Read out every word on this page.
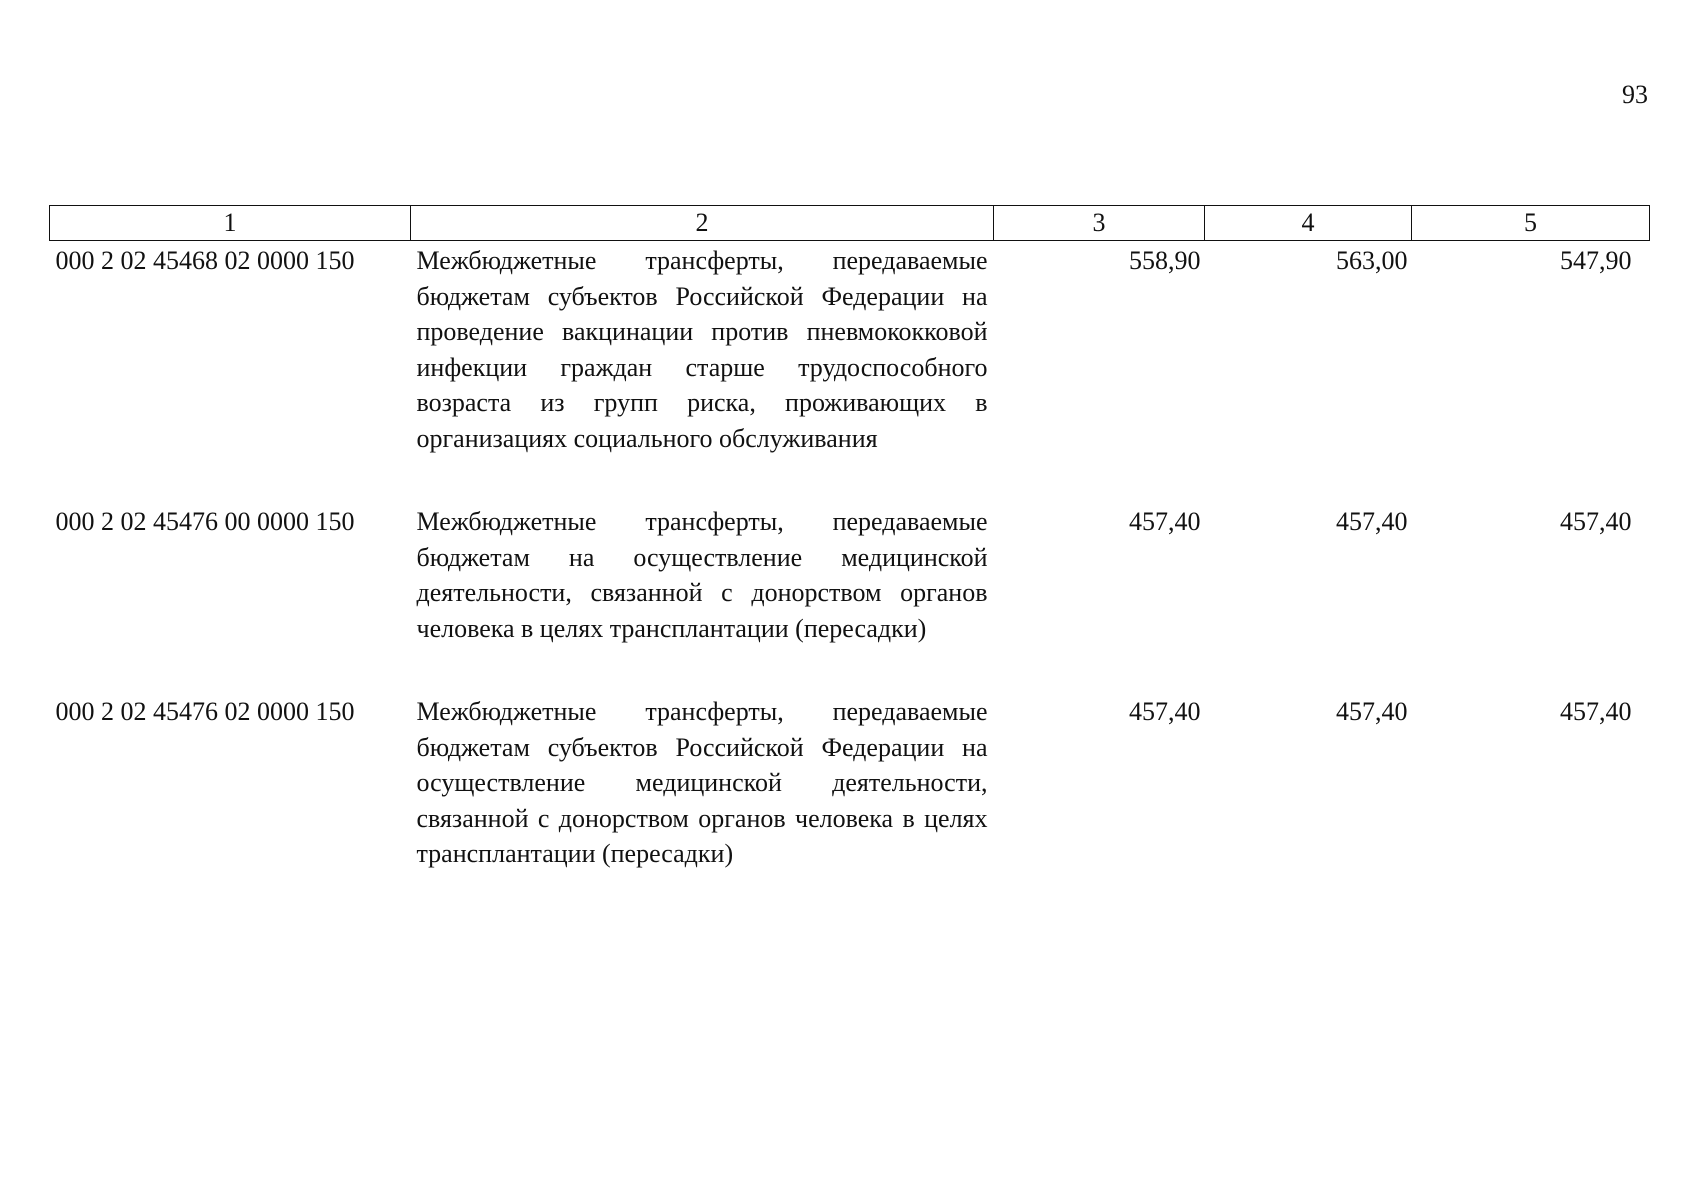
93
1	2	3	4	5
000 2 02 45468 02 0000 150	Межбюджетные трансферты, передаваемые бюджетам субъектов Российской Федерации на проведение вакцинации против пневмококковой инфекции граждан старше трудоспособного возраста из групп риска, проживающих в организациях социального обслуживания	558,90	563,00	547,90
000 2 02 45476 00 0000 150	Межбюджетные трансферты, передаваемые бюджетам на осуществление медицинской деятельности, связанной с донорством органов человека в целях трансплантации (пересадки)	457,40	457,40	457,40
000 2 02 45476 02 0000 150	Межбюджетные трансферты, передаваемые бюджетам субъектов Российской Федерации на осуществление медицинской деятельности, связанной с донорством органов человека в целях трансплантации (пересадки)	457,40	457,40	457,40
